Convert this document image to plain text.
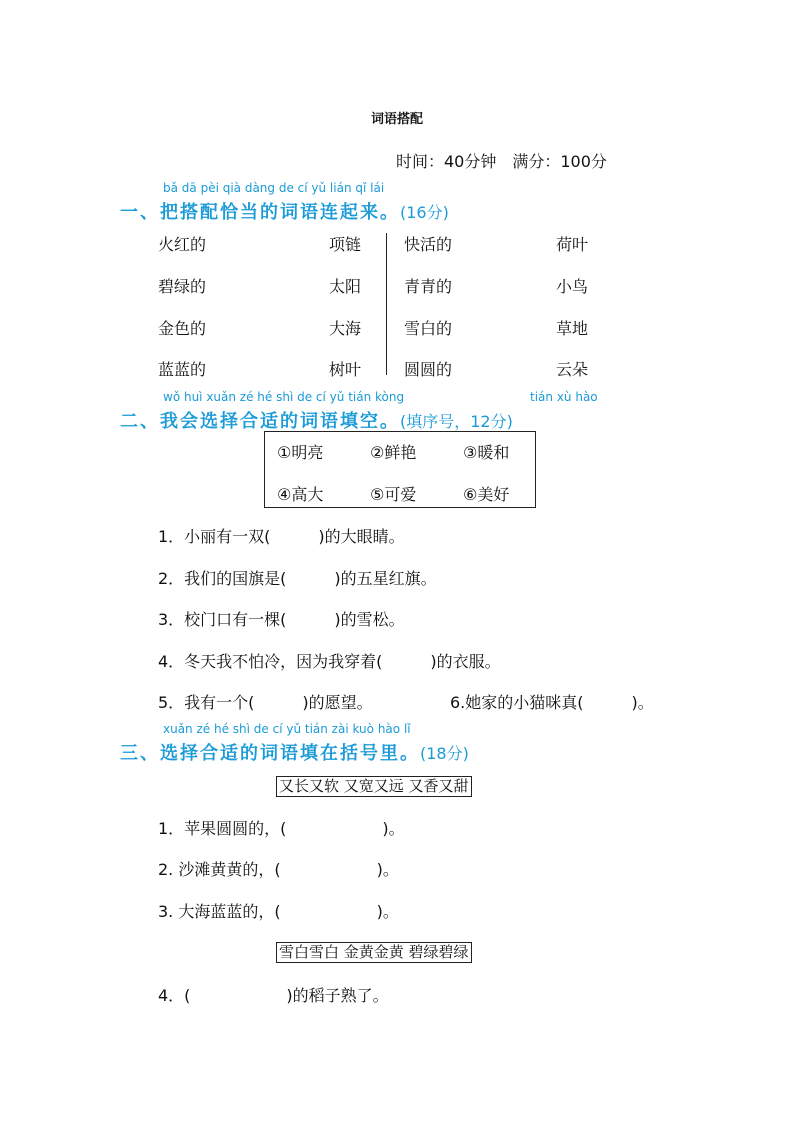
词语搭配
时间：40分钟　满分：100分
bǎ dā pèi qià dàng de cí yǔ lián qǐ lái
一、把搭配恰当的词语连起来。(16分)
火红的	项链
碧绿的	太阳
金色的	大海
蓝蓝的	树叶
快活的	荷叶
青青的	小鸟
雪白的	草地
圆圆的	云朵
wǒ huì xuǎn zé hé shì de cí yǔ tián kòng	tián xù hào
二、我会选择合适的词语填空。(填序号，12分)
①明亮	②鲜艳	③暖和
④高大	⑤可爱	⑥美好
1．小丽有一双(　　　)的大眼睛。
2．我们的国旗是(　　　)的五星红旗。
3．校门口有一棵(　　　)的雪松。
4．冬天我不怕冷，因为我穿着(　　　)的衣服。
5．我有一个(　　　)的愿望。	6.她家的小猫咪真(　　　)。
xuǎn zé hé shì de cí yǔ tián zài kuò hào lǐ
三、选择合适的词语填在括号里。(18分)
又长又软 又宽又远 又香又甜
1．苹果圆圆的，(　　　　　　)。
2. 沙滩黄黄的，(　　　　　　)。
3. 大海蓝蓝的，(　　　　　　)。
雪白雪白 金黄金黄 碧绿碧绿
4．(　　　　　　)的稻子熟了。
